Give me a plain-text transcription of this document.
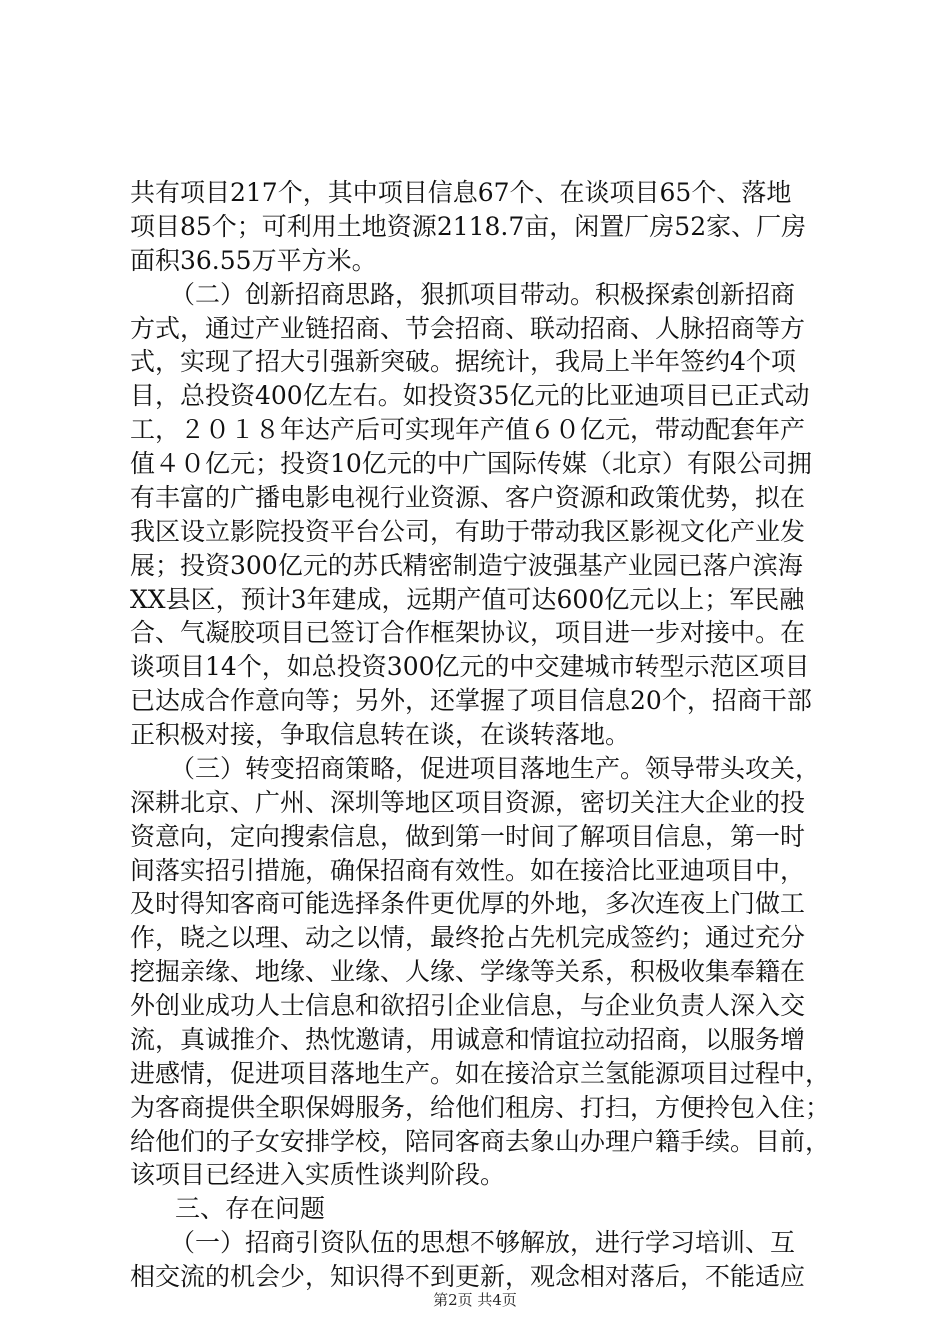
共有项目217个，其中项目信息67个、在谈项目65个、落地
项目85个；可利用土地资源2118.7亩，闲置厂房52家、厂房
面积36.55万平方米。
（二）创新招商思路，狠抓项目带动。积极探索创新招商
方式，通过产业链招商、节会招商、联动招商、人脉招商等方
式，实现了招大引强新突破。据统计，我局上半年签约4个项
目，总投资400亿左右。如投资35亿元的比亚迪项目已正式动
工，２０１８年达产后可实现年产值６０亿元，带动配套年产
值４０亿元；投资10亿元的中广国际传媒（北京）有限公司拥
有丰富的广播电影电视行业资源、客户资源和政策优势，拟在
我区设立影院投资平台公司，有助于带动我区影视文化产业发
展；投资300亿元的苏氏精密制造宁波强基产业园已落户滨海
XX县区，预计3年建成，远期产值可达600亿元以上；军民融
合、气凝胶项目已签订合作框架协议，项目进一步对接中。在
谈项目14个，如总投资300亿元的中交建城市转型示范区项目
已达成合作意向等；另外，还掌握了项目信息20个，招商干部
正积极对接，争取信息转在谈，在谈转落地。
（三）转变招商策略，促进项目落地生产。领导带头攻关，
深耕北京、广州、深圳等地区项目资源，密切关注大企业的投
资意向，定向搜索信息，做到第一时间了解项目信息，第一时
间落实招引措施，确保招商有效性。如在接洽比亚迪项目中，
及时得知客商可能选择条件更优厚的外地，多次连夜上门做工
作，晓之以理、动之以情，最终抢占先机完成签约；通过充分
挖掘亲缘、地缘、业缘、人缘、学缘等关系，积极收集奉籍在
外创业成功人士信息和欲招引企业信息，与企业负责人深入交
流，真诚推介、热忱邀请，用诚意和情谊拉动招商，以服务增
进感情，促进项目落地生产。如在接洽京兰氢能源项目过程中，
为客商提供全职保姆服务，给他们租房、打扫，方便拎包入住；
给他们的子女安排学校，陪同客商去象山办理户籍手续。目前，
该项目已经进入实质性谈判阶段。
三、存在问题
（一）招商引资队伍的思想不够解放，进行学习培训、互
相交流的机会少，知识得不到更新，观念相对落后，不能适应
第2页 共4页
